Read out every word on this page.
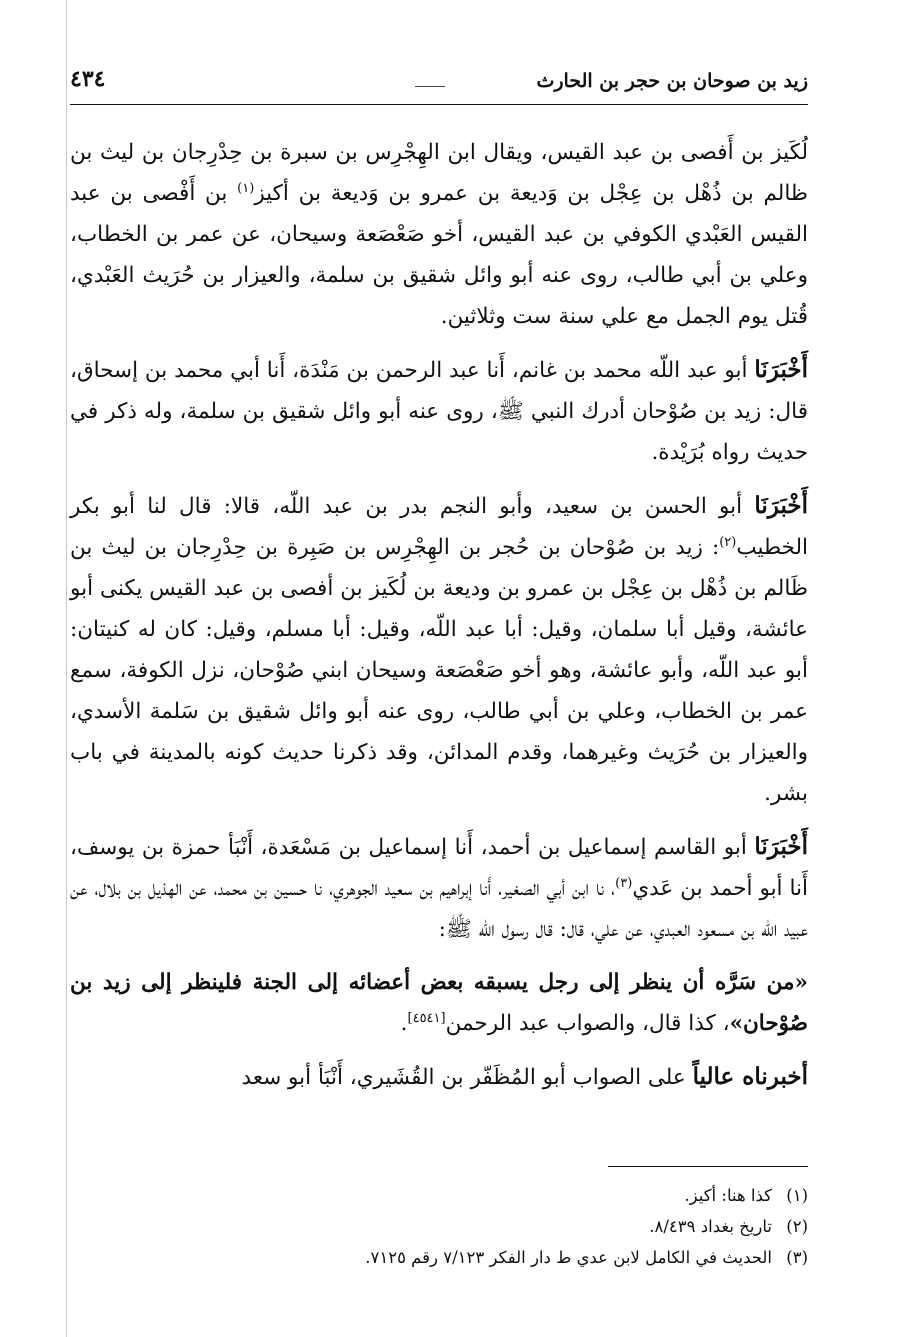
زيد بن صوحان بن حجر بن الحارث
٤٣٤

لُكَيز بن أَفصى بن عبد القيس، ويقال ابن الهِجْرِس بن سبرة بن حِدْرِجان بن ليث بن ظالم بن ذُهْل بن عِجْل بن وَديعة بن عمرو بن وَديعة بن أكيز$^{(١)}$ بن أَفْصى بن عبد القيس العَبْدي الكوفي بن عبد القيس، أخو صَعْصَعة وسيحان، عن عمر بن الخطاب، وعلي بن أبي طالب، روى عنه أبو وائل شقيق بن سلمة، والعيزار بن حُرَيث العَبْدي، قُتل يوم الجمل مع علي سنة ست وثلاثين.

أَخْبَرَنَا أبو عبد اللّه محمد بن غانم، أَنا عبد الرحمن بن مَنْدَة، أَنا أبي محمد بن إسحاق، قال: زيد بن صُوْحان أدرك النبي ﷺ، روى عنه أبو وائل شقيق بن سلمة، وله ذكر في حديث رواه بُرَيْدة.

أَخْبَرَنَا أبو الحسن بن سعيد، وأبو النجم بدر بن عبد اللّه، قالا: قال لنا أبو بكر الخطيب$^{(٢)}$: زيد بن صُوْحان بن حُجر بن الهِجْرِس بن صَبِرة بن حِدْرِجان بن ليث بن ظَالم بن ذُهْل بن عِجْل بن عمرو بن وديعة بن لُكَيز بن أفصى بن عبد القيس يكنى أبو عائشة، وقيل أبا سلمان، وقيل: أبا عبد اللّه، وقيل: أبا مسلم، وقيل: كان له كنيتان: أبو عبد اللّه، وأبو عائشة، وهو أخو صَعْصَعة وسيحان ابني صُوْحان، نزل الكوفة، سمع عمر بن الخطاب، وعلي بن أبي طالب، روى عنه أبو وائل شقيق بن سَلمة الأسدي، والعيزار بن حُرَيث وغيرهما، وقدم المدائن، وقد ذكرنا حديث كونه بالمدينة في باب بشر.

أَخْبَرَنَا أبو القاسم إسماعيل بن أحمد، أَنا إسماعيل بن مَسْعَدة، أَنْبَأ حمزة بن يوسف، أَنا أبو أحمد بن عَدي$^{(٣)}$، نا ابن أبي الصغير، أَنا إبراهيم بن سعيد الجوهري، نا حسين بن محمد، عن الهذيل بن بلال، عن عبيد اللّه بن مسعود العبدي، عن علي، قال: قال رسول الله ﷺ:

«من سَرَّه أن ينظر إلى رجل يسبقه بعض أعضائه إلى الجنة فلينظر إلى زيد بن صُوْحان»، كذا قال، والصواب عبد الرحمن[٤٥٤١].

أخبرناه عالياً على الصواب أبو المُظَفّر بن القُشَيري، أَنْبَأ أبو سعد

(١)
كذا هنا: أكيز.
(٢)
تاريخ بغداد ٨/٤٣٩.
(٣)
الحديث في الكامل لابن عدي ط دار الفكر ٧/١٢٣ رقم ٧١٢٥.
